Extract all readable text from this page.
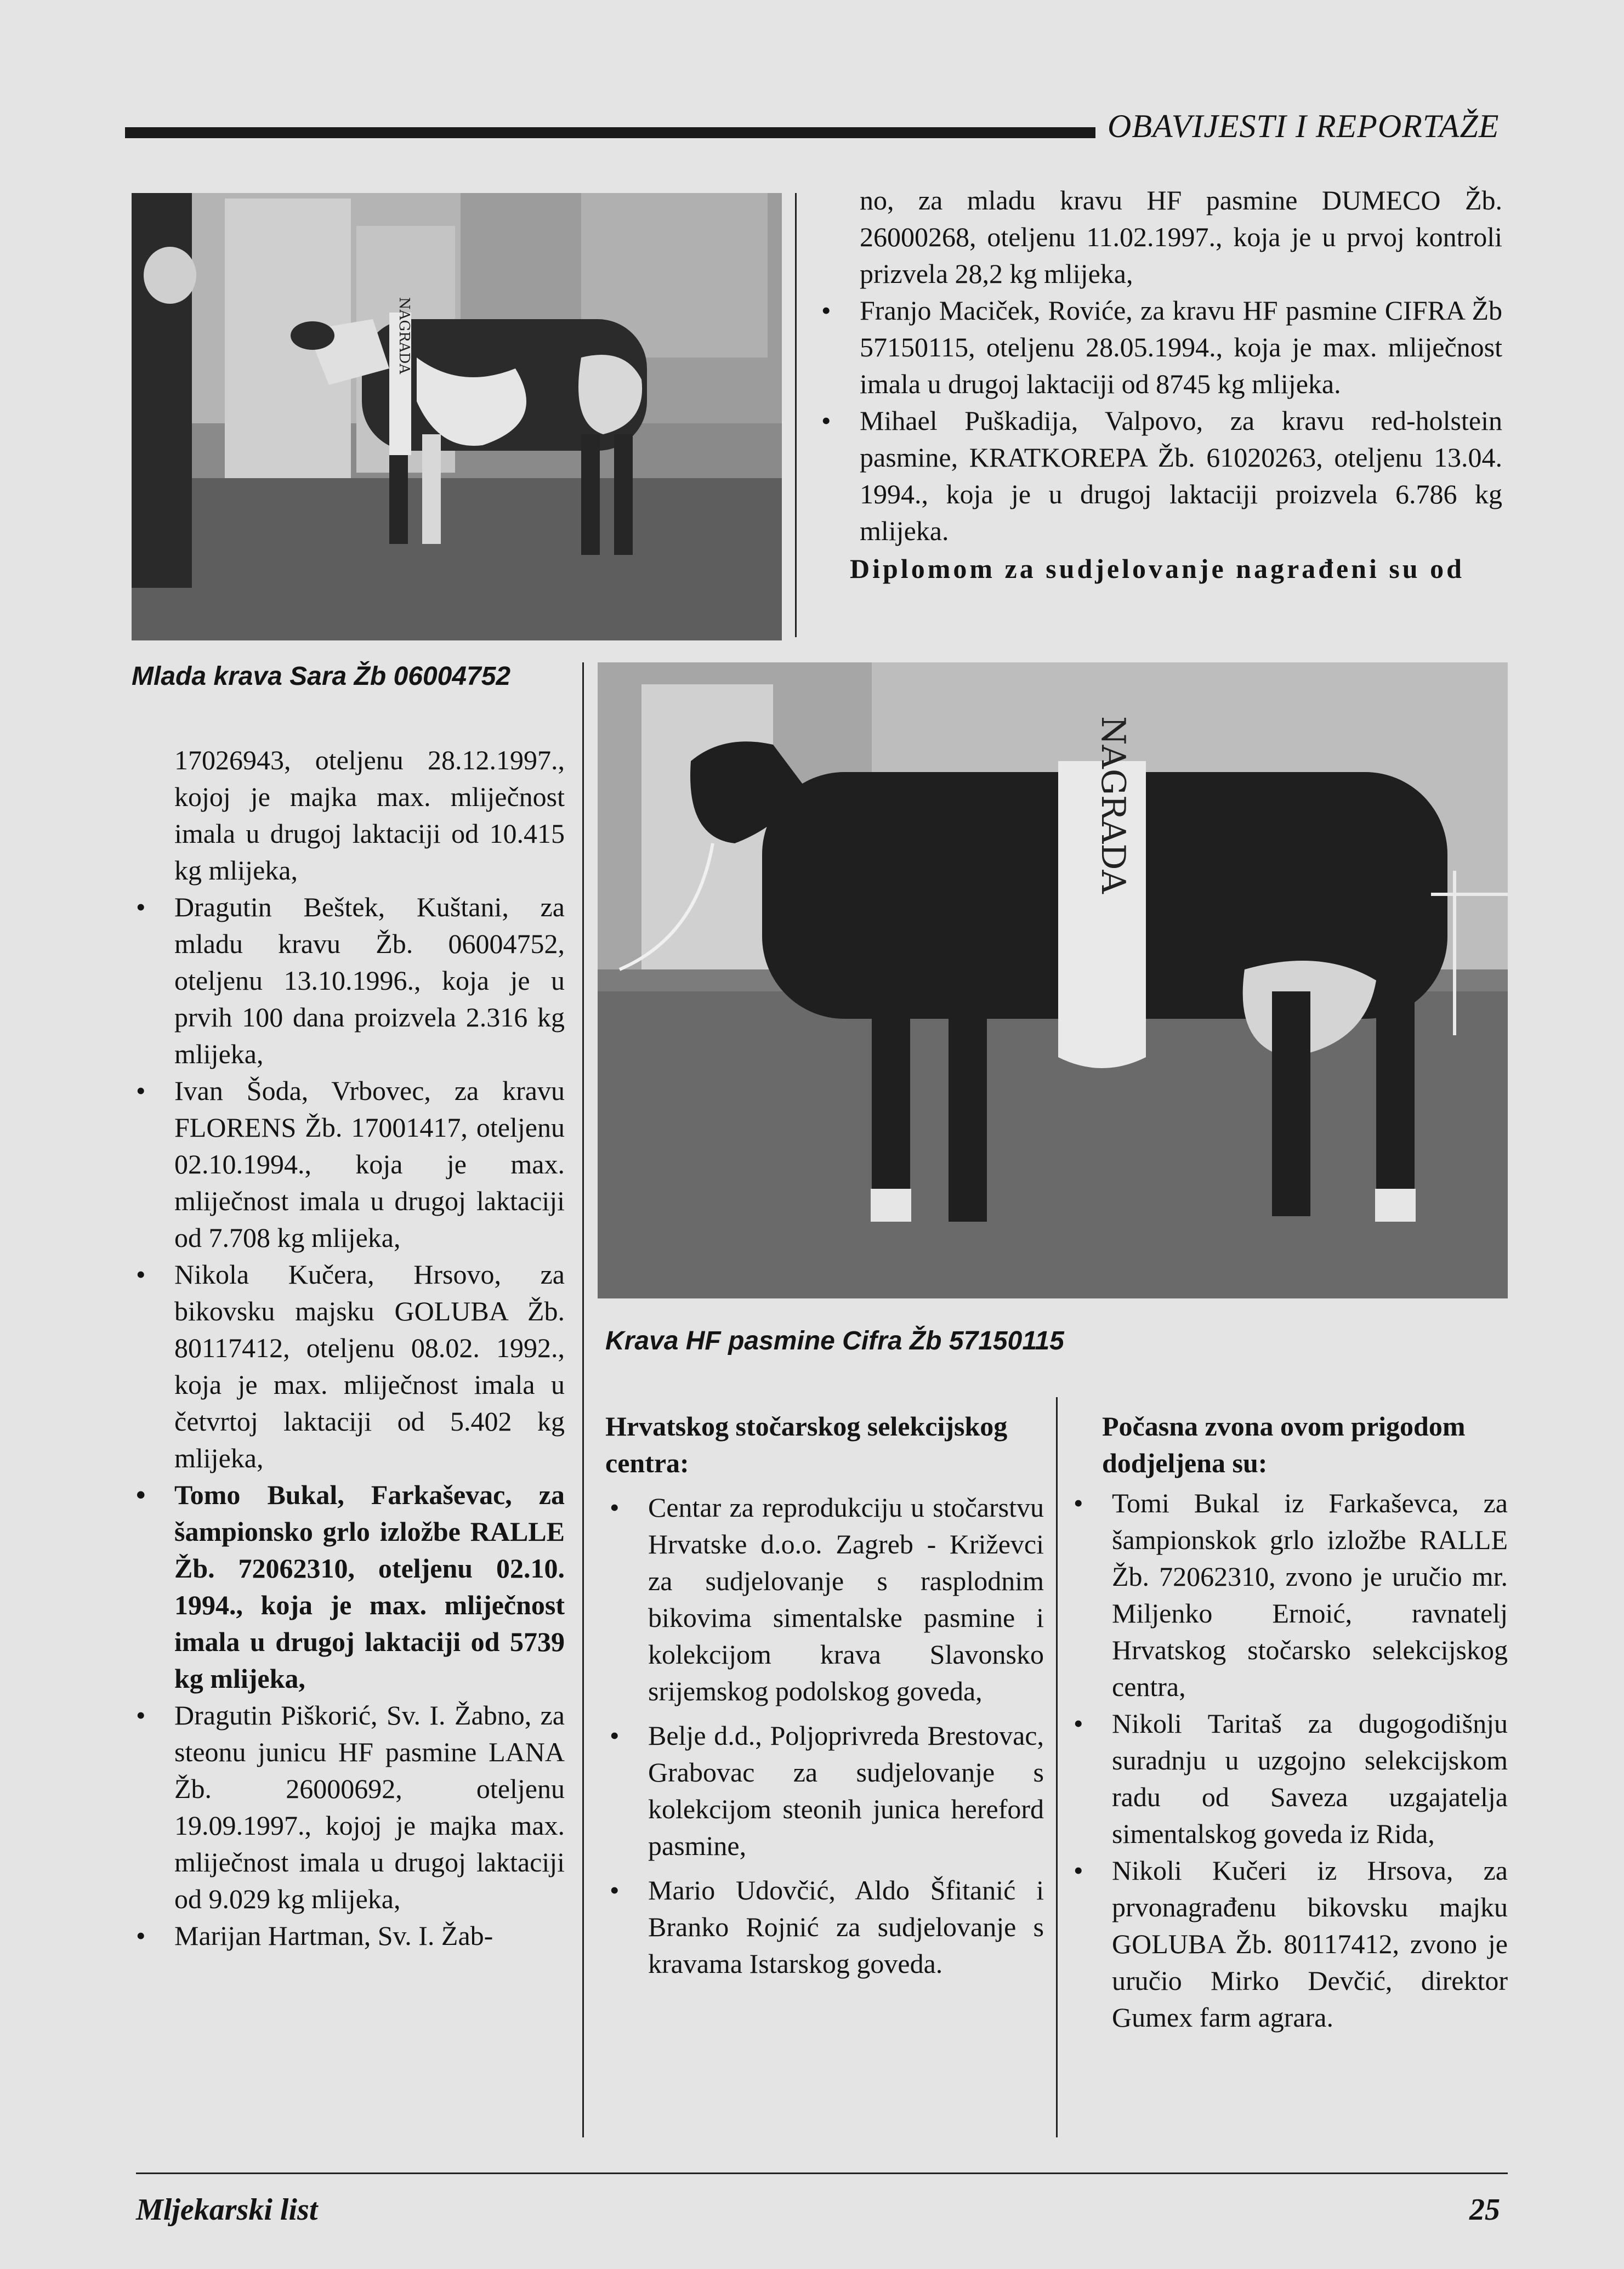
OBAVIJESTI I REPORTAŽE
NAGRADA
Mlada krava Sara Žb 06004752

no, za mladu kravu HF pasmine DUMECO Žb. 26000268, oteljenu 11.02.1997., koja je u prvoj kontroli prizvela 28,2 kg mlijeka,

• Franjo Maciček, Roviće, za kravu HF pasmine CIFRA Žb 57150115, oteljenu 28.05.1994., koja je max. mliječnost imala u drugoj laktaciji od 8745 kg mlijeka.
• Mihael Puškadija, Valpovo, za kravu red-holstein pasmine, KRATKOREPA Žb. 61020263, oteljenu 13.04. 1994., koja je u drugoj laktaciji proizvela 6.786 kg mlijeka.
Diplomom za sudjelovanje nagrađeni su od
NAGRADA
Krava HF pasmine Cifra Žb 57150115

17026943, oteljenu 28.12.1997., kojoj je majka max. mliječnost imala u drugoj laktaciji od 10.415 kg mlijeka,

• Dragutin Beštek, Kuštani, za mladu kravu Žb. 06004752, oteljenu 13.10.1996., koja je u prvih 100 dana proizvela 2.316 kg mlijeka,
• Ivan Šoda, Vrbovec, za kravu FLORENS Žb. 17001417, oteljenu 02.10.1994., koja je max. mliječnost imala u drugoj laktaciji od 7.708 kg mlijeka,
• Nikola Kučera, Hrsovo, za bikovsku majsku GOLUBA Žb. 80117412, oteljenu 08.02. 1992., koja je max. mliječnost imala u četvrtoj laktaciji od 5.402 kg mlijeka,
• Tomo Bukal, Farkaševac, za šampionsko grlo izložbe RALLE Žb. 72062310, oteljenu 02.10. 1994., koja je max. mliječnost imala u drugoj laktaciji od 5739 kg mlijeka,
• Dragutin Piškorić, Sv. I. Žabno, za steonu junicu HF pasmine LANA Žb. 26000692, oteljenu 19.09.1997., kojoj je majka max. mliječnost imala u drugoj laktaciji od 9.029 kg mlijeka,
• Marijan Hartman, Sv. I. Žab-

Hrvatskog stočarskog selekcijskog centra:

• Centar za reprodukciju u stočarstvu Hrvatske d.o.o. Zagreb - Križevci za sudjelovanje s rasplodnim bikovima simentalske pasmine i kolekcijom krava Slavonsko srijemskog podolskog goveda,
• Belje d.d., Poljoprivreda Brestovac, Grabovac za sudjelovanje s kolekcijom steonih junica hereford pasmine,
• Mario Udovčić, Aldo Šfitanić i Branko Rojnić za sudjelovanje s kravama Istarskog goveda.

Počasna zvona ovom prigodom dodjeljena su:

• Tomi Bukal iz Farkaševca, za šampionskok grlo izložbe RALLE Žb. 72062310, zvono je uručio mr. Miljenko Ernoić, ravnatelj Hrvatskog stočarsko selekcijskog centra,
• Nikoli Taritaš za dugogodišnju suradnju u uzgojno selekcijskom radu od Saveza uzgajatelja simentalskog goveda iz Rida,
• Nikoli Kučeri iz Hrsova, za prvonagrađenu bikovsku majku GOLUBA Žb. 80117412, zvono je uručio Mirko Devčić, direktor Gumex farm agrara.
Mljekarski list	25
